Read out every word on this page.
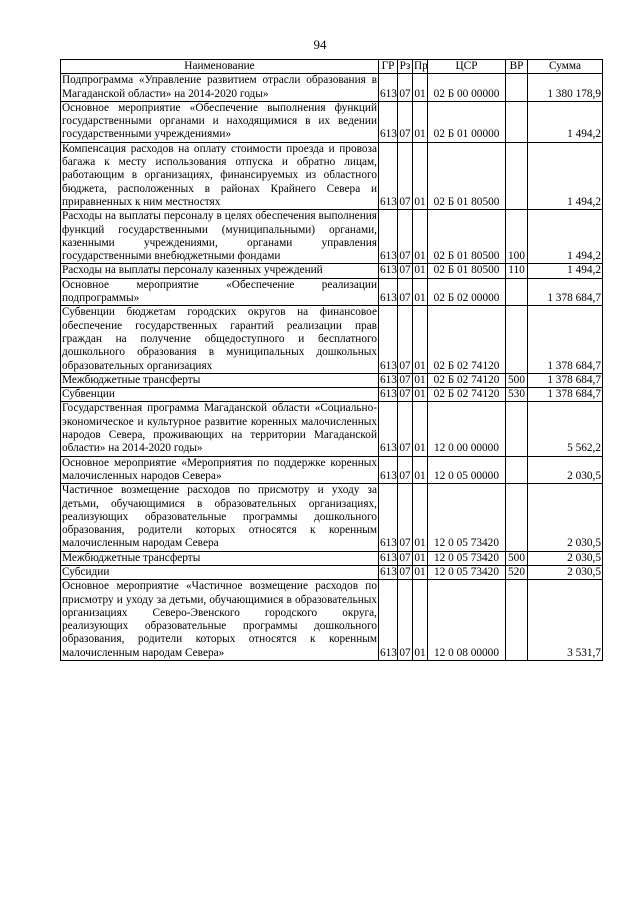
94
Наименование	ГР	Рз	Пр	ЦСР	ВР	Сумма
Подпрограмма «Управление развитием отрасли образования в Магаданской области» на 2014-2020 годы»	613	07	01	02 Б 00 00000		1 380 178,9
Основное мероприятие «Обеспечение выполнения функций государственными органами и находящимися в их ведении государственными учреждениями»	613	07	01	02 Б 01 00000		1 494,2
Компенсация расходов на оплату стоимости проезда и провоза багажа к месту использования отпуска и обратно лицам, работающим в организациях, финансируемых из областного бюджета, расположенных в районах Крайнего Севера и приравненных к ним местностях	613	07	01	02 Б 01 80500		1 494,2
Расходы на выплаты персоналу в целях обеспечения выполнения функций государственными (муниципальными) органами, казенными учреждениями, органами управления государственными внебюджетными фондами	613	07	01	02 Б 01 80500	100	1 494,2
Расходы на выплаты персоналу казенных учреждений	613	07	01	02 Б 01 80500	110	1 494,2
Основное мероприятие «Обеспечение реализации подпрограммы»	613	07	01	02 Б 02 00000		1 378 684,7
Субвенции бюджетам городских округов на финансовое обеспечение государственных гарантий реализации прав граждан на получение общедоступного и бесплатного дошкольного образования в муниципальных дошкольных образовательных организациях	613	07	01	02 Б 02 74120		1 378 684,7
Межбюджетные трансферты	613	07	01	02 Б 02 74120	500	1 378 684,7
Субвенции	613	07	01	02 Б 02 74120	530	1 378 684,7
Государственная программа Магаданской области «Социально-экономическое и культурное развитие коренных малочисленных народов Севера, проживающих на территории Магаданской области» на 2014-2020 годы»	613	07	01	12 0 00 00000		5 562,2
Основное мероприятие «Мероприятия по поддержке коренных малочисленных народов Севера»	613	07	01	12 0 05 00000		2 030,5
Частичное возмещение расходов по присмотру и уходу за детьми, обучающимися в образовательных организациях, реализующих образовательные программы дошкольного образования, родители которых относятся к коренным малочисленным народам Севера	613	07	01	12 0 05 73420		2 030,5
Межбюджетные трансферты	613	07	01	12 0 05 73420	500	2 030,5
Субсидии	613	07	01	12 0 05 73420	520	2 030,5
Основное мероприятие «Частичное возмещение расходов по присмотру и уходу за детьми, обучающимися в образовательных организациях Северо-Эвенского городского округа, реализующих образовательные программы дошкольного образования, родители которых относятся к коренным малочисленным народам Севера»	613	07	01	12 0 08 00000		3 531,7
